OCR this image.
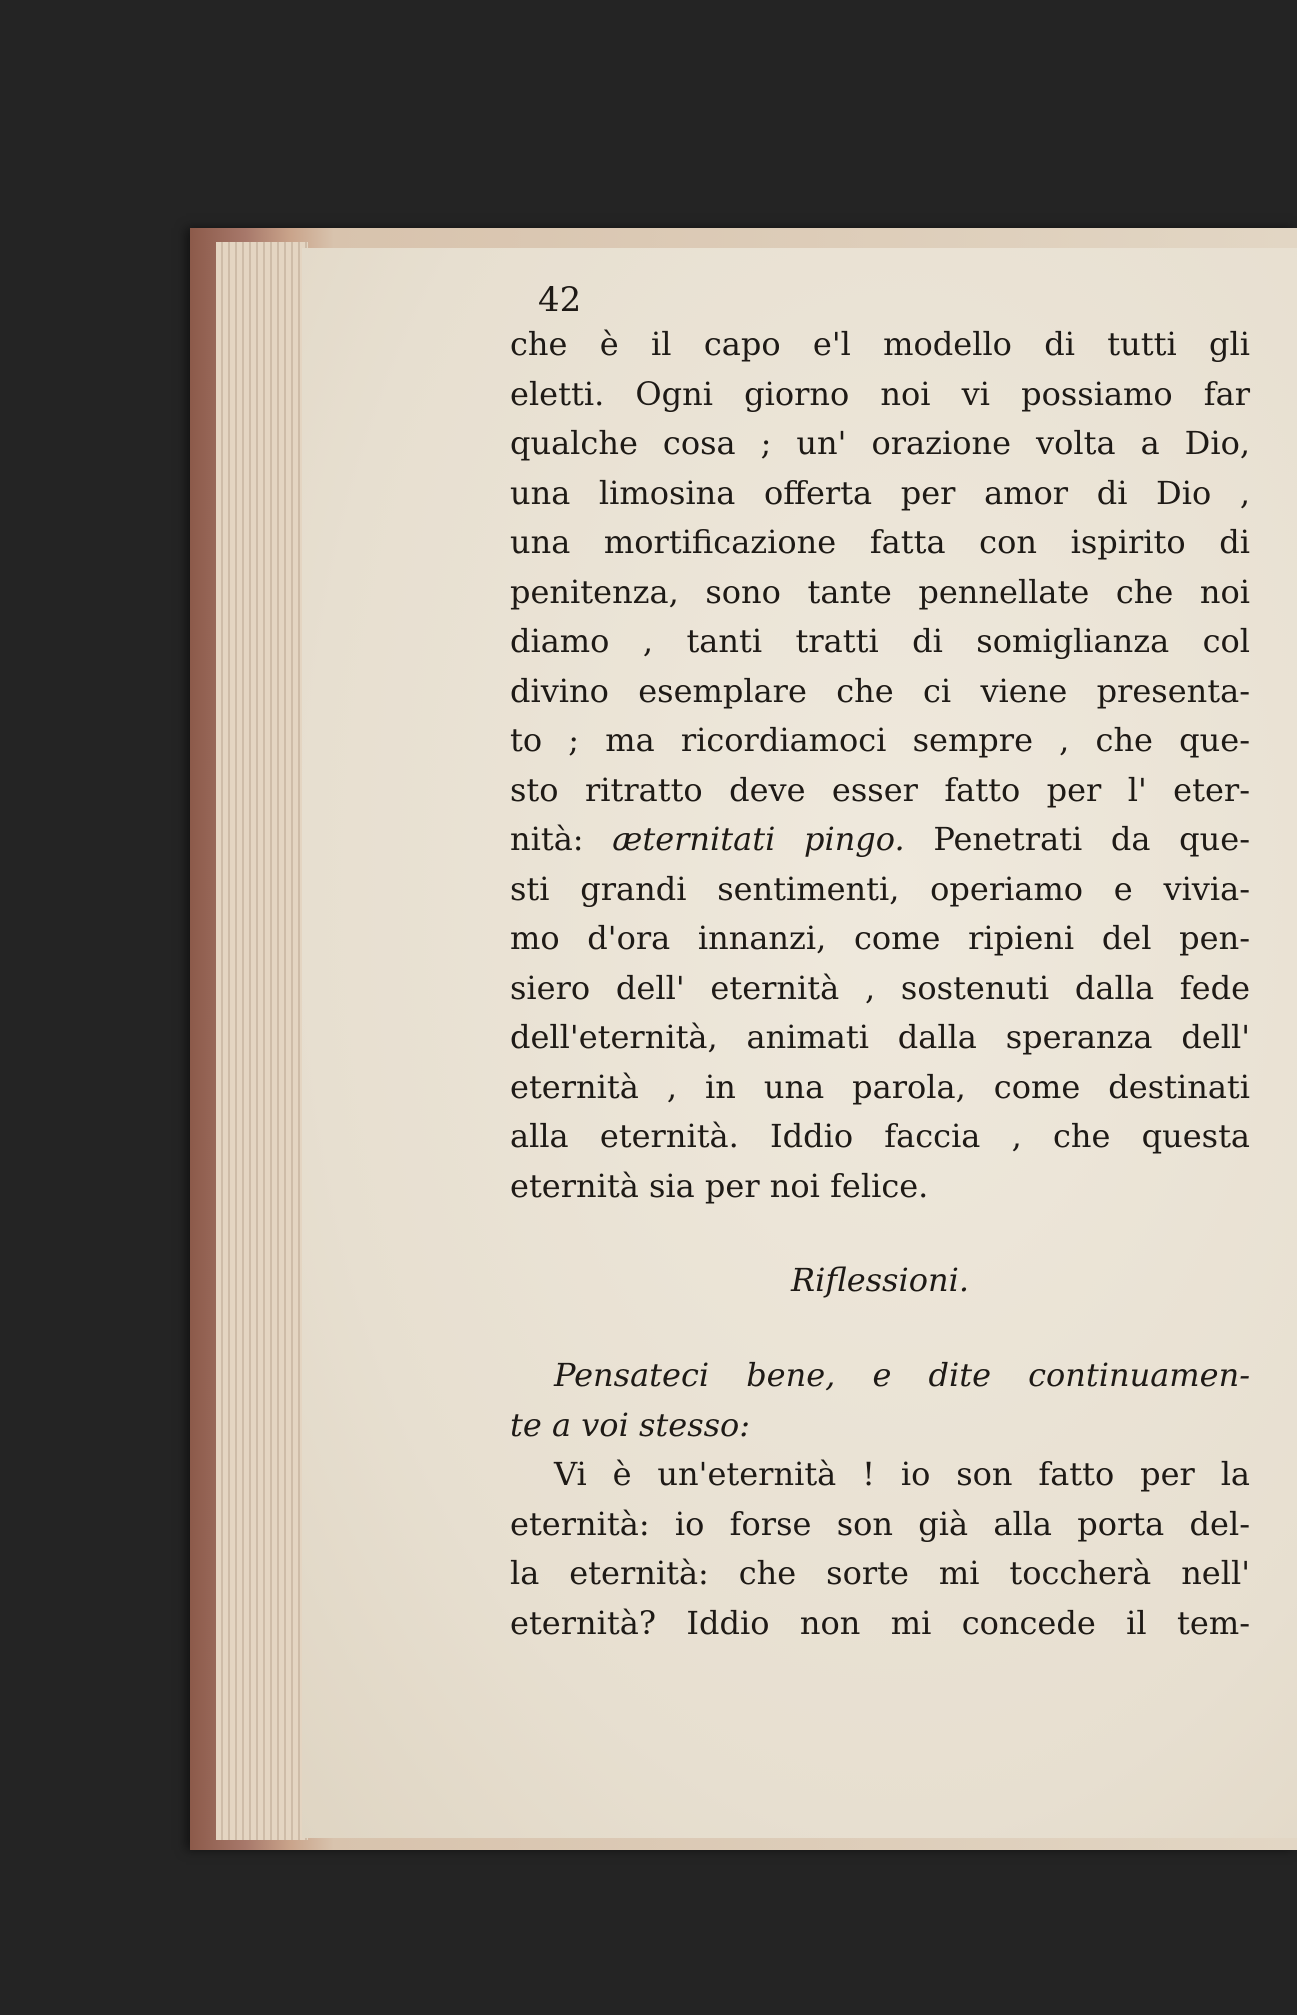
42
che è il capo e'l modello di tutti gli
eletti. Ogni giorno noi vi possiamo far
qualche cosa ; un' orazione volta a Dio,
una limosina offerta per amor di Dio ,
una mortificazione fatta con ispirito di
penitenza, sono tante pennellate che noi
diamo , tanti tratti di somiglianza col
divino esemplare che ci viene presenta-
to ; ma ricordiamoci sempre , che que-
sto ritratto deve esser fatto per l' eter-
nità: æternitati pingo. Penetrati da que-
sti grandi sentimenti, operiamo e vivia-
mo d'ora innanzi, come ripieni del pen-
siero dell' eternità , sostenuti dalla fede
dell'eternità, animati dalla speranza dell'
eternità , in una parola, come destinati
alla eternità. Iddio faccia , che questa
eternità sia per noi felice.
Riflessioni.
Pensateci bene, e dite continuamen-
te a voi stesso:
Vi è un'eternità ! io son fatto per la
eternità: io forse son già alla porta del-
la eternità: che sorte mi toccherà nell'
eternità? Iddio non mi concede il tem-
